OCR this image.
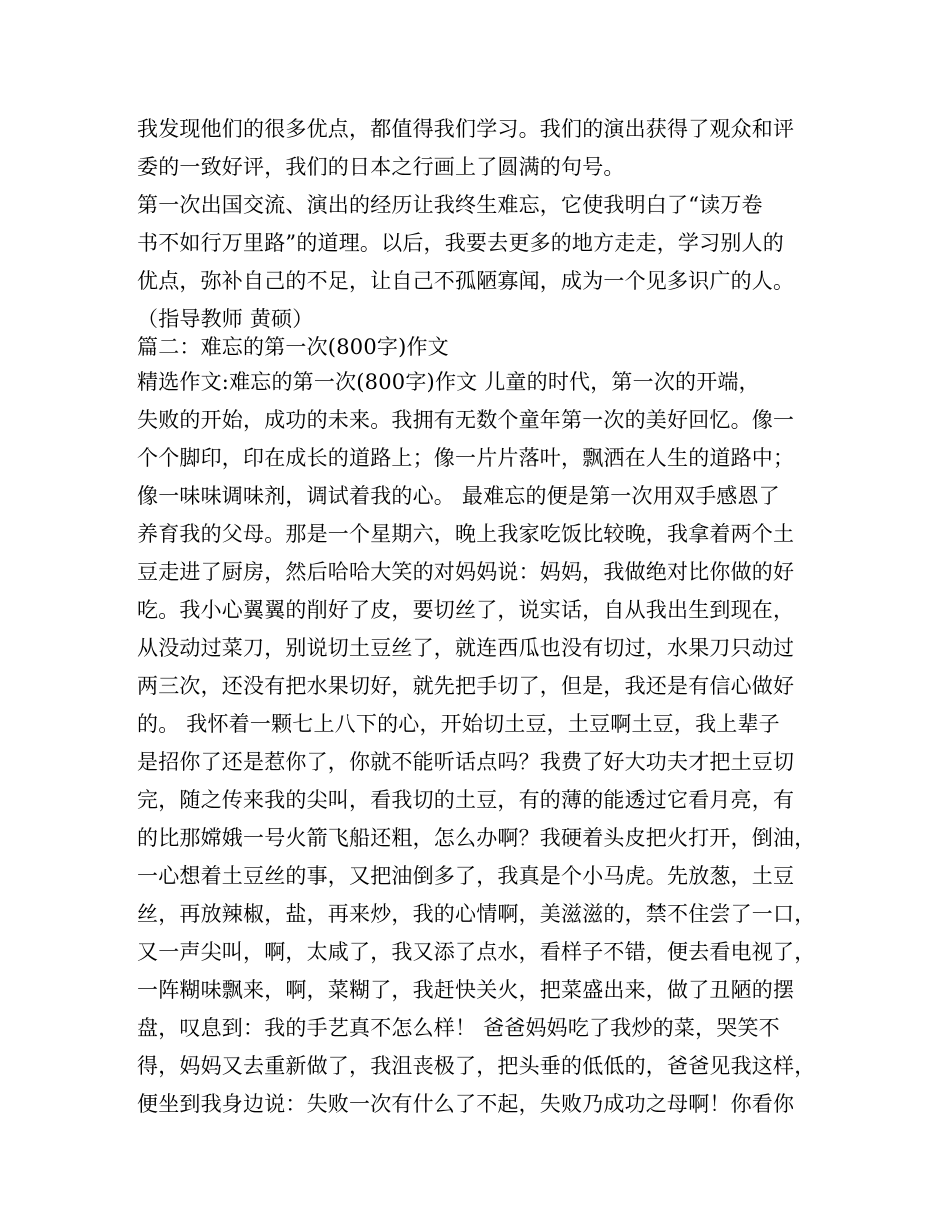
我发现他们的很多优点，都值得我们学习。我们的演出获得了观众和评
委的一致好评，我们的日本之行画上了圆满的句号。
第一次出国交流、演出的经历让我终生难忘，它使我明白了“读万卷
书不如行万里路”的道理。以后，我要去更多的地方走走，学习别人的
优点，弥补自己的不足，让自己不孤陋寡闻，成为一个见多识广的人。
（指导教师 黄硕）
篇二：难忘的第一次(800字)作文
精选作文:难忘的第一次(800字)作文 儿童的时代，第一次的开端，
失败的开始，成功的未来。我拥有无数个童年第一次的美好回忆。像一
个个脚印，印在成长的道路上；像一片片落叶，飘洒在人生的道路中；
像一味味调味剂，调试着我的心。 最难忘的便是第一次用双手感恩了
养育我的父母。那是一个星期六，晚上我家吃饭比较晚，我拿着两个土
豆走进了厨房，然后哈哈大笑的对妈妈说：妈妈，我做绝对比你做的好
吃。我小心翼翼的削好了皮，要切丝了，说实话，自从我出生到现在，
从没动过菜刀，别说切土豆丝了，就连西瓜也没有切过，水果刀只动过
两三次，还没有把水果切好，就先把手切了，但是，我还是有信心做好
的。 我怀着一颗七上八下的心，开始切土豆，土豆啊土豆，我上辈子
是招你了还是惹你了，你就不能听话点吗？我费了好大功夫才把土豆切
完，随之传来我的尖叫，看我切的土豆，有的薄的能透过它看月亮，有
的比那嫦娥一号火箭飞船还粗，怎么办啊？我硬着头皮把火打开，倒油，
一心想着土豆丝的事，又把油倒多了，我真是个小马虎。先放葱，土豆
丝，再放辣椒，盐，再来炒，我的心情啊，美滋滋的，禁不住尝了一口，
又一声尖叫，啊，太咸了，我又添了点水，看样子不错，便去看电视了，
一阵糊味飘来，啊，菜糊了，我赶快关火，把菜盛出来，做了丑陋的摆
盘，叹息到：我的手艺真不怎么样！ 爸爸妈妈吃了我炒的菜，哭笑不
得，妈妈又去重新做了，我沮丧极了，把头垂的低低的，爸爸见我这样，
便坐到我身边说：失败一次有什么了不起，失败乃成功之母啊！你看你
